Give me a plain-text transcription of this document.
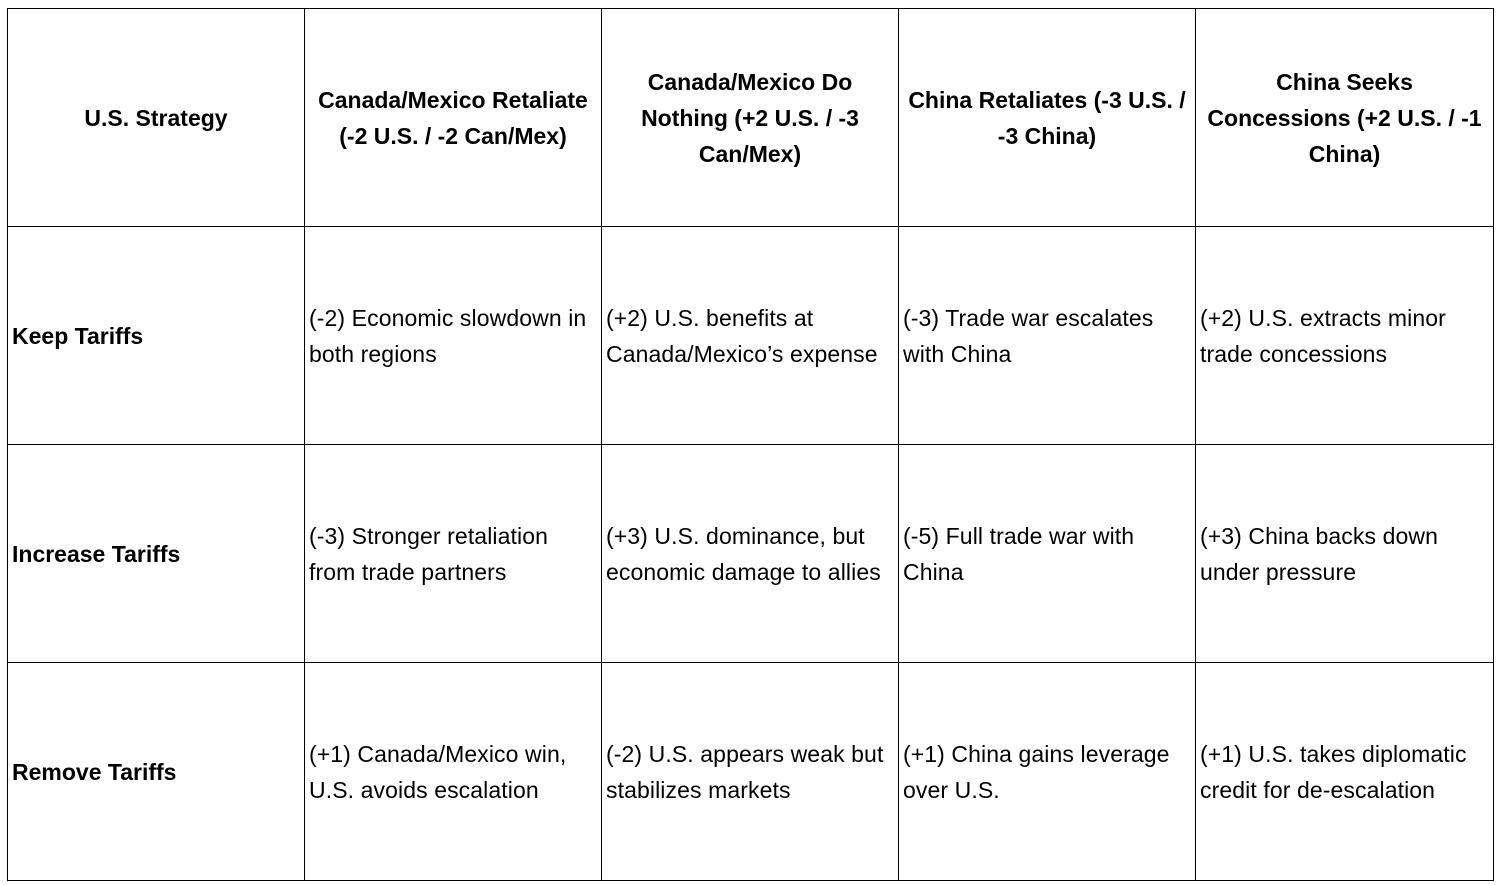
U.S. Strategy	Canada/Mexico Retaliate (-2 U.S. / -2 Can/Mex)	Canada/Mexico Do Nothing (+2 U.S. / -3 Can/Mex)	China Retaliates (-3 U.S. / -3 China)	China Seeks Concessions (+2 U.S. / -1 China)
Keep Tariffs	(-2) Economic slowdown in both regions	(+2) U.S. benefits at Canada/Mexico’s expense	(-3) Trade war escalates with China	(+2) U.S. extracts minor trade concessions
Increase Tariffs	(-3) Stronger retaliation from trade partners	(+3) U.S. dominance, but economic damage to allies	(-5) Full trade war with China	(+3) China backs down under pressure
Remove Tariffs	(+1) Canada/Mexico win, U.S. avoids escalation	(-2) U.S. appears weak but stabilizes markets	(+1) China gains leverage over U.S.	(+1) U.S. takes diplomatic credit for de-escalation
